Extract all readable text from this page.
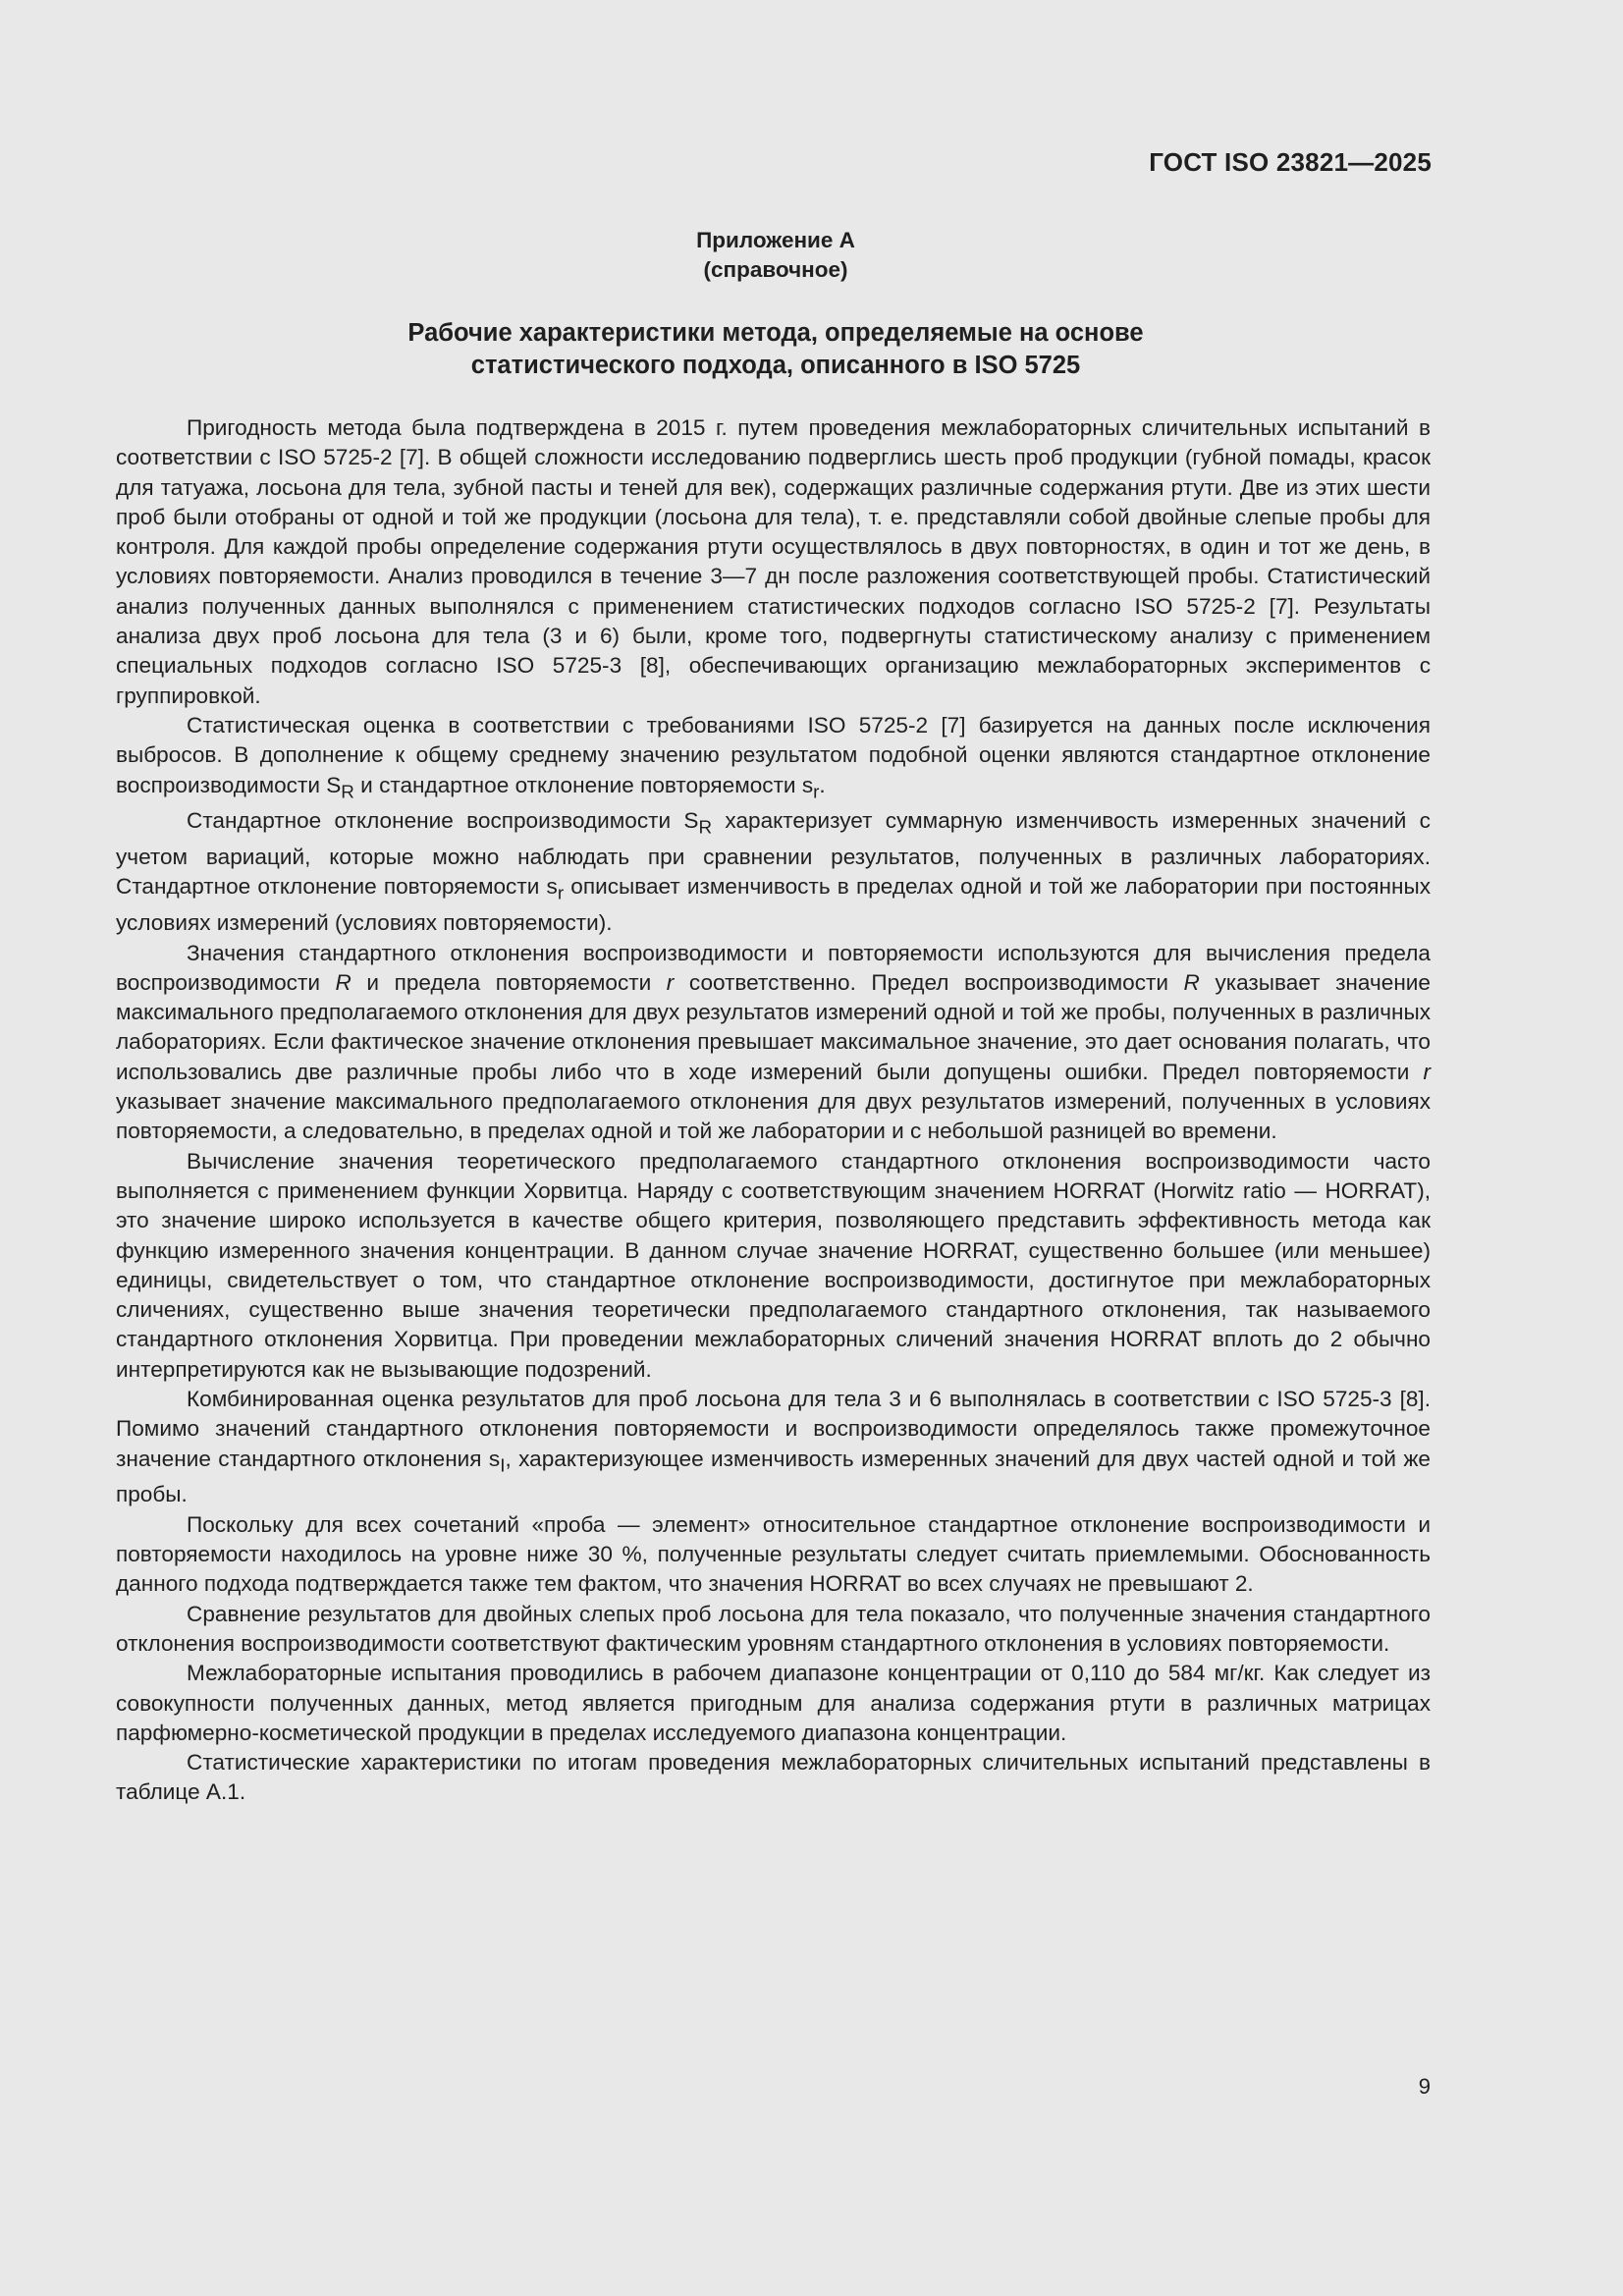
ГОСТ ISO 23821—2025
Приложение А
(справочное)
Рабочие характеристики метода, определяемые на основе
статистического подхода, описанного в ISO 5725

Пригодность метода была подтверждена в 2015 г. путем проведения межлабораторных сличительных испытаний в соответствии с ISO 5725-2 [7]. В общей сложности исследованию подверглись шесть проб продукции (губной помады, красок для татуажа, лосьона для тела, зубной пасты и теней для век), содержащих различные содержания ртути. Две из этих шести проб были отобраны от одной и той же продукции (лосьона для тела), т. е. представляли собой двойные слепые пробы для контроля. Для каждой пробы определение содержания ртути осуществлялось в двух повторностях, в один и тот же день, в условиях повторяемости. Анализ проводился в течение 3—7 дн после разложения соответствующей пробы. Статистический анализ полученных данных выполнялся с применением статистических подходов согласно ISO 5725-2 [7]. Результаты анализа двух проб лосьона для тела (3 и 6) были, кроме того, подвергнуты статистическому анализу с применением специальных подходов согласно ISO 5725-3 [8], обеспечивающих организацию межлабораторных экспериментов с группировкой.

Статистическая оценка в соответствии с требованиями ISO 5725-2 [7] базируется на данных после исключения выбросов. В дополнение к общему среднему значению результатом подобной оценки являются стандартное отклонение воспроизводимости $S_R$ и стандартное отклонение повторяемости $s_r$.

Стандартное отклонение воспроизводимости $S_R$ характеризует суммарную изменчивость измеренных значений с учетом вариаций, которые можно наблюдать при сравнении результатов, полученных в различных лабораториях. Стандартное отклонение повторяемости $s_r$ описывает изменчивость в пределах одной и той же лаборатории при постоянных условиях измерений (условиях повторяемости).

Значения стандартного отклонения воспроизводимости и повторяемости используются для вычисления предела воспроизводимости R и предела повторяемости r соответственно. Предел воспроизводимости R указывает значение максимального предполагаемого отклонения для двух результатов измерений одной и той же пробы, полученных в различных лабораториях. Если фактическое значение отклонения превышает максимальное значение, это дает основания полагать, что использовались две различные пробы либо что в ходе измерений были допущены ошибки. Предел повторяемости r указывает значение максимального предполагаемого отклонения для двух результатов измерений, полученных в условиях повторяемости, а следовательно, в пределах одной и той же лаборатории и с небольшой разницей во времени.

Вычисление значения теоретического предполагаемого стандартного отклонения воспроизводимости часто выполняется с применением функции Хорвитца. Наряду с соответствующим значением HORRAT (Horwitz ratio — HORRAT), это значение широко используется в качестве общего критерия, позволяющего представить эффективность метода как функцию измеренного значения концентрации. В данном случае значение HORRAT, существенно большее (или меньшее) единицы, свидетельствует о том, что стандартное отклонение воспроизводимости, достигнутое при межлабораторных сличениях, существенно выше значения теоретически предполагаемого стандартного отклонения, так называемого стандартного отклонения Хорвитца. При проведении межлабораторных сличений значения HORRAT вплоть до 2 обычно интерпретируются как не вызывающие подозрений.

Комбинированная оценка результатов для проб лосьона для тела 3 и 6 выполнялась в соответствии с ISO 5725-3 [8]. Помимо значений стандартного отклонения повторяемости и воспроизводимости определялось также промежуточное значение стандартного отклонения $s_I$, характеризующее изменчивость измеренных значений для двух частей одной и той же пробы.

Поскольку для всех сочетаний «проба — элемент» относительное стандартное отклонение воспроизводимости и повторяемости находилось на уровне ниже 30 %, полученные результаты следует считать приемлемыми. Обоснованность данного подхода подтверждается также тем фактом, что значения HORRAT во всех случаях не превышают 2.

Сравнение результатов для двойных слепых проб лосьона для тела показало, что полученные значения стандартного отклонения воспроизводимости соответствуют фактическим уровням стандартного отклонения в условиях повторяемости.

Межлабораторные испытания проводились в рабочем диапазоне концентрации от 0,110 до 584 мг/кг. Как следует из совокупности полученных данных, метод является пригодным для анализа содержания ртути в различных матрицах парфюмерно-косметической продукции в пределах исследуемого диапазона концентрации.

Статистические характеристики по итогам проведения межлабораторных сличительных испытаний представлены в таблице А.1.

9
